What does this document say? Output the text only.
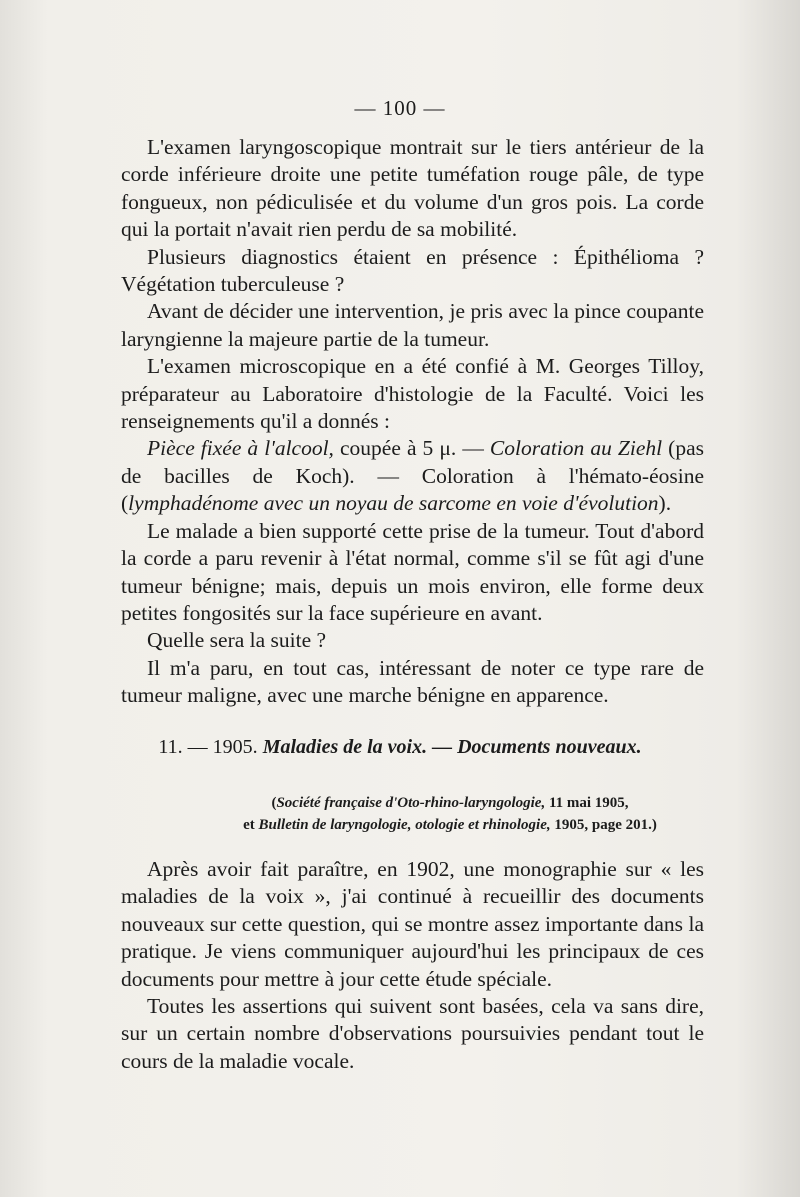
— 100 —

L'examen laryngoscopique montrait sur le tiers antérieur de la corde inférieure droite une petite tuméfation rouge pâle, de type fongueux, non pédiculisée et du volume d'un gros pois. La corde qui la portait n'avait rien perdu de sa mobilité.

Plusieurs diagnostics étaient en présence : Épithélioma ? Végétation tuberculeuse ?

Avant de décider une intervention, je pris avec la pince coupante laryngienne la majeure partie de la tumeur.

L'examen microscopique en a été confié à M. Georges Tilloy, préparateur au Laboratoire d'histologie de la Faculté. Voici les renseignements qu'il a donnés :

Pièce fixée à l'alcool, coupée à 5 μ. — Coloration au Ziehl (pas de bacilles de Koch). — Coloration à l'hémato-éosine (lymphadénome avec un noyau de sarcome en voie d'évolution).

Le malade a bien supporté cette prise de la tumeur. Tout d'abord la corde a paru revenir à l'état normal, comme s'il se fût agi d'une tumeur bénigne; mais, depuis un mois environ, elle forme deux petites fongosités sur la face supérieure en avant.

Quelle sera la suite ?

Il m'a paru, en tout cas, intéressant de noter ce type rare de tumeur maligne, avec une marche bénigne en apparence.

11. — 1905. Maladies de la voix. — Documents nouveaux.
(Société française d'Oto-rhino-laryngologie, 11 mai 1905,
et Bulletin de laryngologie, otologie et rhinologie, 1905, page 201.)

Après avoir fait paraître, en 1902, une monographie sur « les maladies de la voix », j'ai continué à recueillir des documents nouveaux sur cette question, qui se montre assez importante dans la pratique. Je viens communiquer aujourd'hui les principaux de ces documents pour mettre à jour cette étude spéciale.

Toutes les assertions qui suivent sont basées, cela va sans dire, sur un certain nombre d'observations poursuivies pendant tout le cours de la maladie vocale.
